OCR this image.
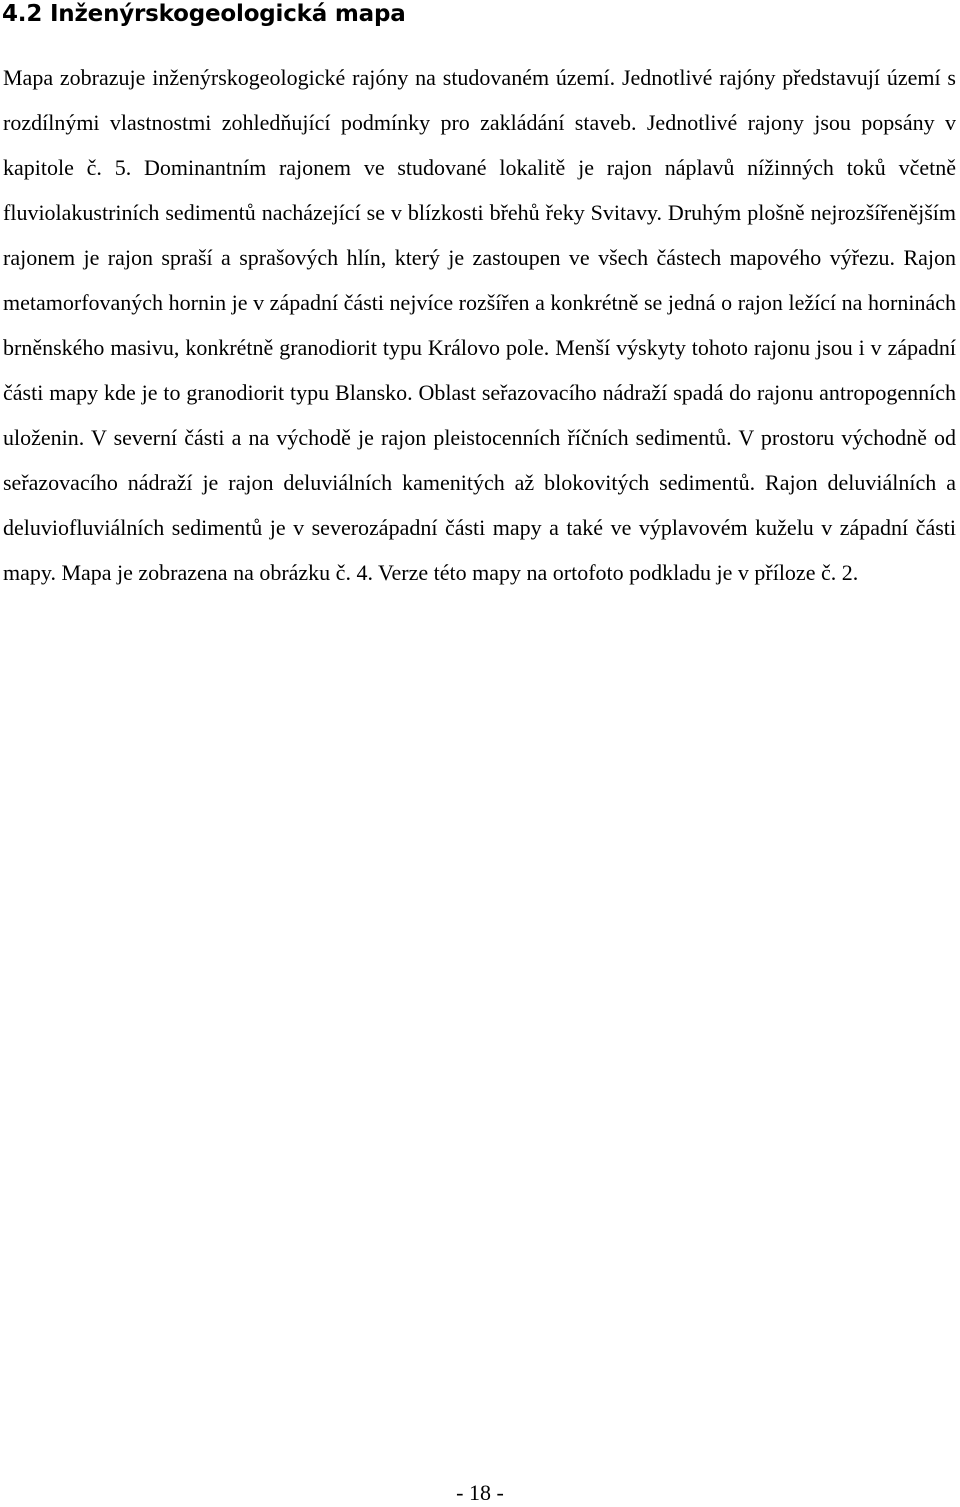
4.2 Inženýrskogeologická mapa

Mapa zobrazuje inženýrskogeologické rajóny na studovaném území. Jednotlivé rajóny představují území s rozdílnými vlastnostmi zohledňující podmínky pro zakládání staveb. Jednotlivé rajony jsou popsány v kapitole č. 5. Dominantním rajonem ve studované lokalitě je rajon náplavů nížinných toků včetně fluviolakustriních sedimentů nacházející se v blízkosti břehů řeky Svitavy. Druhým plošně nejrozšířenějším rajonem je rajon spraší a sprašových hlín, který je zastoupen ve všech částech mapového výřezu. Rajon metamorfovaných hornin je v západní části nejvíce rozšířen a konkrétně se jedná o rajon ležící na horninách brněnského masivu, konkrétně granodiorit typu Královo pole. Menší výskyty tohoto rajonu jsou i v západní části mapy kde je to granodiorit typu Blansko. Oblast seřazovacího nádraží spadá do rajonu antropogenních uloženin. V severní části a na východě je rajon pleistocenních říčních sedimentů. V prostoru východně od seřazovacího nádraží je rajon deluviálních kamenitých až blokovitých sedimentů. Rajon deluviálních a deluviofluviálních sedimentů je v severozápadní části mapy a také ve výplavovém kuželu v západní části mapy. Mapa je zobrazena na obrázku č. 4. Verze této mapy na ortofoto podkladu je v příloze č. 2.

- 18 -
